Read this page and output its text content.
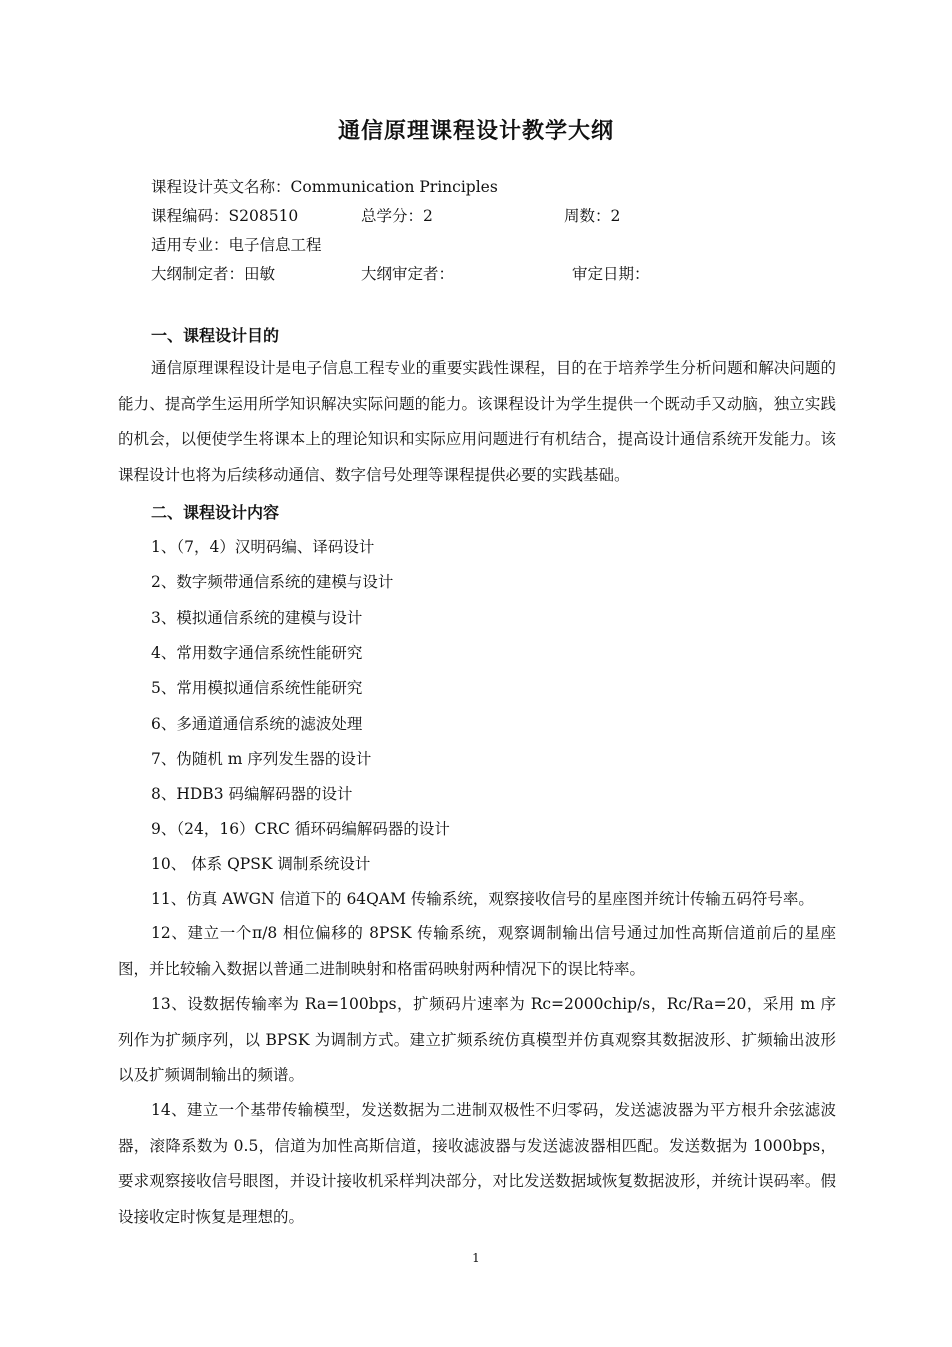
通信原理课程设计教学大纲
课程设计英文名称：Communication Principles
课程编码：S208510	总学分：2	周数：2
适用专业：电子信息工程
大纲制定者：田敏	大纲审定者：	审定日期：
一、课程设计目的

通信原理课程设计是电子信息工程专业的重要实践性课程，目的在于培养学生分析问题和解决问题的能力、提高学生运用所学知识解决实际问题的能力。该课程设计为学生提供一个既动手又动脑，独立实践的机会，以便使学生将课本上的理论知识和实际应用问题进行有机结合，提高设计通信系统开发能力。该课程设计也将为后续移动通信、数字信号处理等课程提供必要的实践基础。

二、课程设计内容
1、（7，4）汉明码编、译码设计
2、数字频带通信系统的建模与设计
3、模拟通信系统的建模与设计
4、常用数字通信系统性能研究
5、常用模拟通信系统性能研究
6、多通道通信系统的滤波处理
7、伪随机 m 序列发生器的设计
8、HDB3 码编解码器的设计
9、（24，16）CRC 循环码编解码器的设计
10、 体系 QPSK 调制系统设计
11、仿真 AWGN 信道下的 64QAM 传输系统，观察接收信号的星座图并统计传输五码符号率。

12、建立一个π/8 相位偏移的 8PSK 传输系统，观察调制输出信号通过加性高斯信道前后的星座图，并比较输入数据以普通二进制映射和格雷码映射两种情况下的误比特率。

13、设数据传输率为 Ra=100bps，扩频码片速率为 Rc=2000chip/s，Rc/Ra=20，采用 m 序列作为扩频序列，以 BPSK 为调制方式。建立扩频系统仿真模型并仿真观察其数据波形、扩频输出波形以及扩频调制输出的频谱。

14、建立一个基带传输模型，发送数据为二进制双极性不归零码，发送滤波器为平方根升余弦滤波器，滚降系数为 0.5，信道为加性高斯信道，接收滤波器与发送滤波器相匹配。发送数据为 1000bps，要求观察接收信号眼图，并设计接收机采样判决部分，对比发送数据域恢复数据波形，并统计误码率。假设接收定时恢复是理想的。

1
